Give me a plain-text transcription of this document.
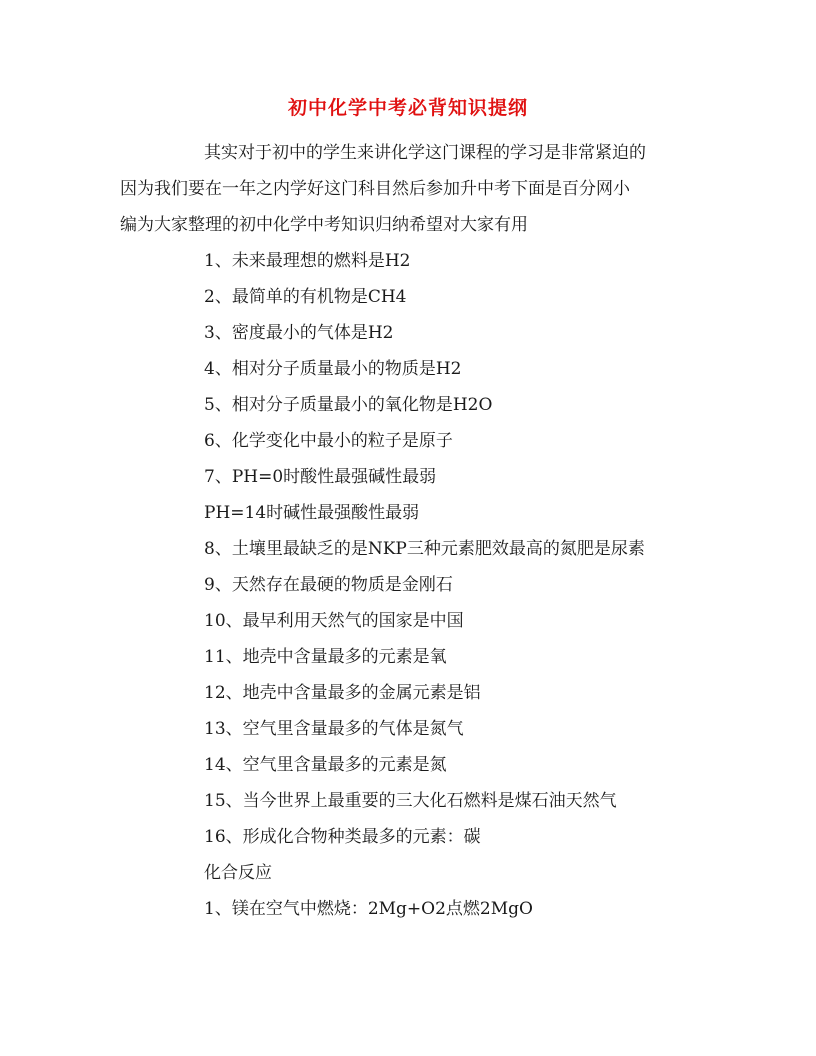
初中化学中考必背知识提纲
其实对于初中的学生来讲化学这门课程的学习是非常紧迫的
因为我们要在一年之内学好这门科目然后参加升中考下面是百分网小
编为大家整理的初中化学中考知识归纳希望对大家有用
1、未来最理想的燃料是H2
2、最简单的有机物是CH4
3、密度最小的气体是H2
4、相对分子质量最小的物质是H2
5、相对分子质量最小的氧化物是H2O
6、化学变化中最小的粒子是原子
7、PH=0时酸性最强碱性最弱
PH=14时碱性最强酸性最弱
8、土壤里最缺乏的是NKP三种元素肥效最高的氮肥是尿素
9、天然存在最硬的物质是金刚石
10、最早利用天然气的国家是中国
11、地壳中含量最多的元素是氧
12、地壳中含量最多的金属元素是铝
13、空气里含量最多的气体是氮气
14、空气里含量最多的元素是氮
15、当今世界上最重要的三大化石燃料是煤石油天然气
16、形成化合物种类最多的元素：碳
化合反应
1、镁在空气中燃烧：2Mg+O2点燃2MgO
